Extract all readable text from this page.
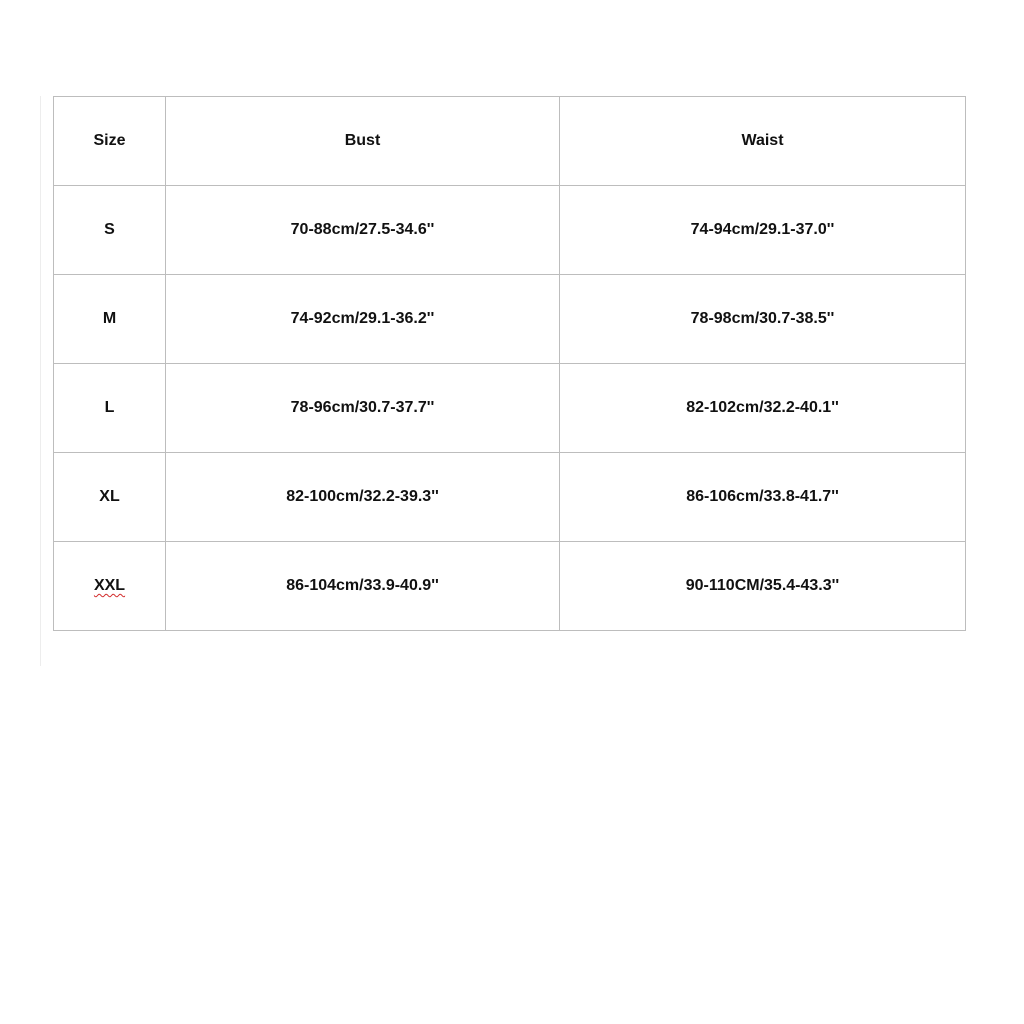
Size	Bust	Waist
S	70-88cm/27.5-34.6''	74-94cm/29.1-37.0''
M	74-92cm/29.1-36.2''	78-98cm/30.7-38.5''
L	78-96cm/30.7-37.7''	82-102cm/32.2-40.1''
XL	82-100cm/32.2-39.3''	86-106cm/33.8-41.7''
XXL	86-104cm/33.9-40.9''	90-110CM/35.4-43.3''
